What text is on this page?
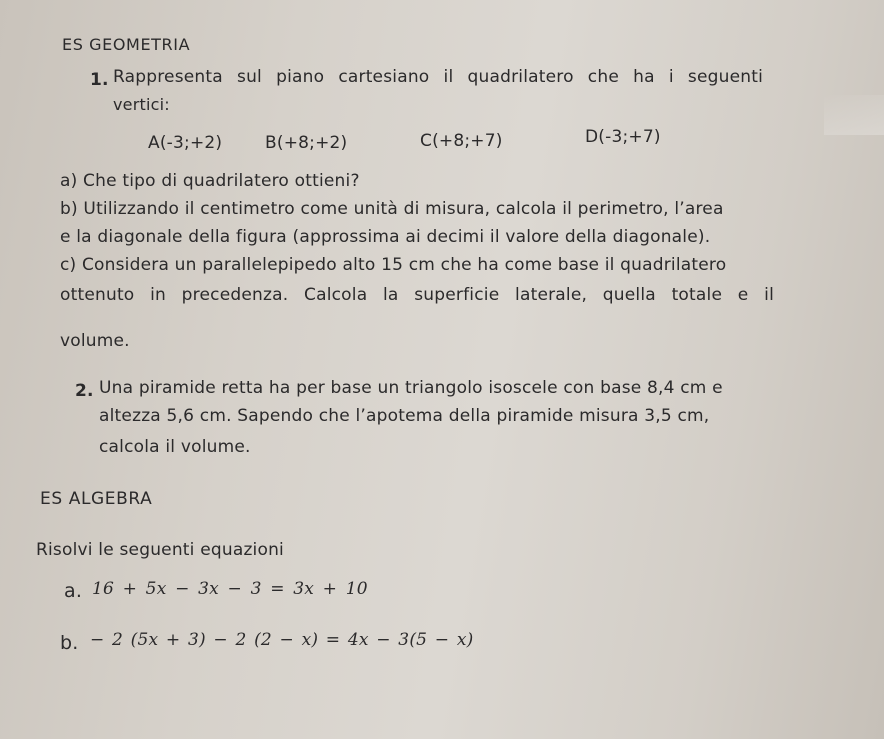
ES GEOMETRIA
1. Rappresenta sul piano cartesiano il quadrilatero che ha i seguenti
vertici:
A(-3;+2)	B(+8;+2)	C(+8;+7)	D(-3;+7)
a) Che tipo di quadrilatero ottieni?
b) Utilizzando il centimetro come unità di misura, calcola il perimetro, l’area
e la diagonale della figura (approssima ai decimi il valore della diagonale).
c) Considera un parallelepipedo alto 15 cm che ha come base il quadrilatero
ottenuto in precedenza. Calcola la superficie laterale, quella totale e il
volume.
2. Una piramide retta ha per base un triangolo isoscele con base 8,4 cm e
altezza 5,6 cm. Sapendo che l’apotema della piramide misura 3,5 cm,
calcola il volume.
ES ALGEBRA
Risolvi le seguenti equazioni
a. 16 + 5x − 3x − 3 = 3x + 10
b. − 2 (5x + 3) − 2 (2 − x) = 4x − 3(5 − x)
